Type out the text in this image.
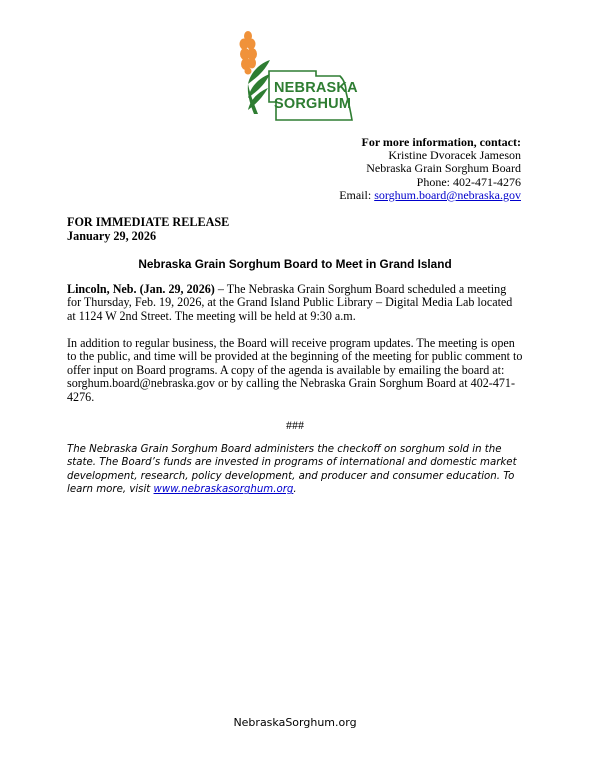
NEBRASKA
SORGHUM
For more information, contact:
Kristine Dvoracek Jameson
Nebraska Grain Sorghum Board
Phone: 402-471-4276
Email: sorghum.board@nebraska.gov
FOR IMMEDIATE RELEASE
January 29, 2026
Nebraska Grain Sorghum Board to Meet in Grand Island
Lincoln, Neb. (Jan. 29, 2026) – The Nebraska Grain Sorghum Board scheduled a meeting for Thursday, Feb. 19, 2026, at the Grand Island Public Library – Digital Media Lab located at 1124 W 2nd Street. The meeting will be held at 9:30 a.m.
In addition to regular business, the Board will receive program updates. The meeting is open to the public, and time will be provided at the beginning of the meeting for public comment to offer input on Board programs. A copy of the agenda is available by emailing the board at: sorghum.board@nebraska.gov or by calling the Nebraska Grain Sorghum Board at 402-471-4276.
###
The Nebraska Grain Sorghum Board administers the checkoff on sorghum sold in the state. The Board’s funds are invested in programs of international and domestic market development, research, policy development, and producer and consumer education. To learn more, visit www.nebraskasorghum.org.
NebraskaSorghum.org
